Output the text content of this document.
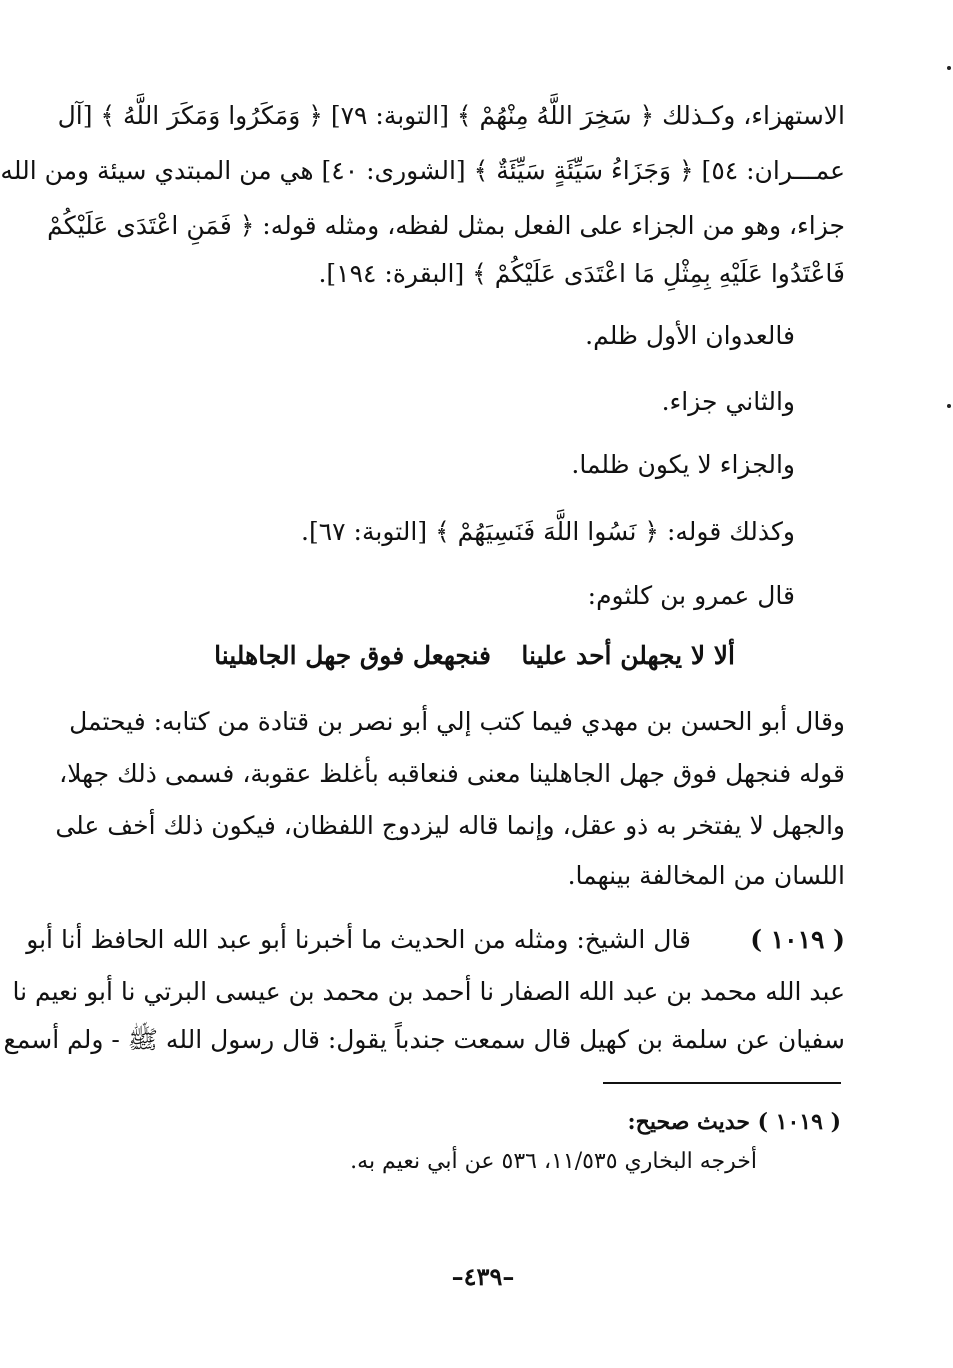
الاستهزاء، وكـذلك ﴿ سَخِرَ اللَّهُ مِنْهُمْ ﴾ [التوبة: ٧٩] ﴿ وَمَكَرُوا وَمَكَرَ اللَّهُ ﴾ [آل
عمـــران: ٥٤] ﴿ وَجَزَاءُ سَيِّئَةٍ سَيِّئَةٌ ﴾ [الشورى: ٤٠] هي من المبتدي سيئة ومن الله
جزاء، وهو من الجزاء على الفعل بمثل لفظه، ومثله قوله: ﴿ فَمَنِ اعْتَدَى عَلَيْكُمْ
فَاعْتَدُوا عَلَيْهِ بِمِثْلِ مَا اعْتَدَى عَلَيْكُمْ ﴾ [البقرة: ١٩٤].
فالعدوان الأول ظلم.
والثاني جزاء.
والجزاء لا يكون ظلما.
وكذلك قوله: ﴿ نَسُوا اللَّهَ فَنَسِيَهُمْ ﴾ [التوبة: ٦٧].
قال عمرو بن كلثوم:
ألا لا يجهلن أحد علينا
فنجهعل فوق جهل الجاهلينا
وقال أبو الحسن بن مهدي فيما كتب إلي أبو نصر بن قتادة من كتابه: فيحتمل
قوله فنجهل فوق جهل الجاهلينا معنى فنعاقبه بأغلظ عقوبة، فسمى ذلك جهلا،
والجهل لا يفتخر به ذو عقل، وإنما قاله ليزدوج اللفظان، فيكون ذلك أخف على
اللسان من المخالفة بينهما.
قال الشيخ: ومثله من الحديث ما أخبرنا أبو عبد الله الحافظ أنا أبو	( ١٠١٩ )
عبد الله محمد بن عبد الله الصفار نا أحمد بن محمد بن عيسى البرتي نا أبو نعيم نا
سفيان عن سلمة بن كهيل قال سمعت جندباً يقول: قال رسول الله ﷺ - ولم أسمع
( ١٠١٩ ) حديث صحيح:
أخرجه البخاري ١١/٥٣٥، ٥٣٦ عن أبي نعيم به.
–٤٣٩–
